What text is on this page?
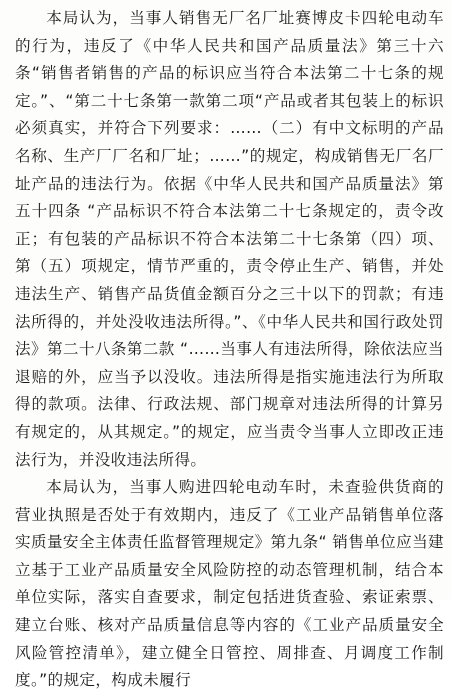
本局认为，当事人销售无厂名厂址赛博皮卡四轮电动车的行为，违反了《中华人民共和国产品质量法》第三十六条“销售者销售的产品的标识应当符合本法第二十七条的规定。”、“第二十七条第一款第二项“产品或者其包装上的标识必须真实，并符合下列要求：……（二）有中文标明的产品名称、生产厂厂名和厂址；……”的规定，构成销售无厂名厂址产品的违法行为。依据《中华人民共和国产品质量法》第五十四条 “产品标识不符合本法第二十七条规定的，责令改正；有包装的产品标识不符合本法第二十七条第（四）项、第（五）项规定，情节严重的，责令停止生产、销售，并处违法生产、销售产品货值金额百分之三十以下的罚款；有违法所得的，并处没收违法所得。”、《中华人民共和国行政处罚法》第二十八条第二款 “……当事人有违法所得，除依法应当退赔的外，应当予以没收。违法所得是指实施违法行为所取得的款项。法律、行政法规、部门规章对违法所得的计算另有规定的，从其规定。”的规定，应当责令当事人立即改正违法行为，并没收违法所得。

本局认为，当事人购进四轮电动车时，未查验供货商的营业执照是否处于有效期内，违反了《工业产品销售单位落实质量安全主体责任监督管理规定》第九条“ 销售单位应当建立基于工业产品质量安全风险防控的动态管理机制，结合本单位实际，落实自查要求，制定包括进货查验、索证索票、建立台账、核对产品质量信息等内容的《工业产品质量安全风险管控清单》，建立健全日管控、周排查、月调度工作制度。”的规定，构成未履行
